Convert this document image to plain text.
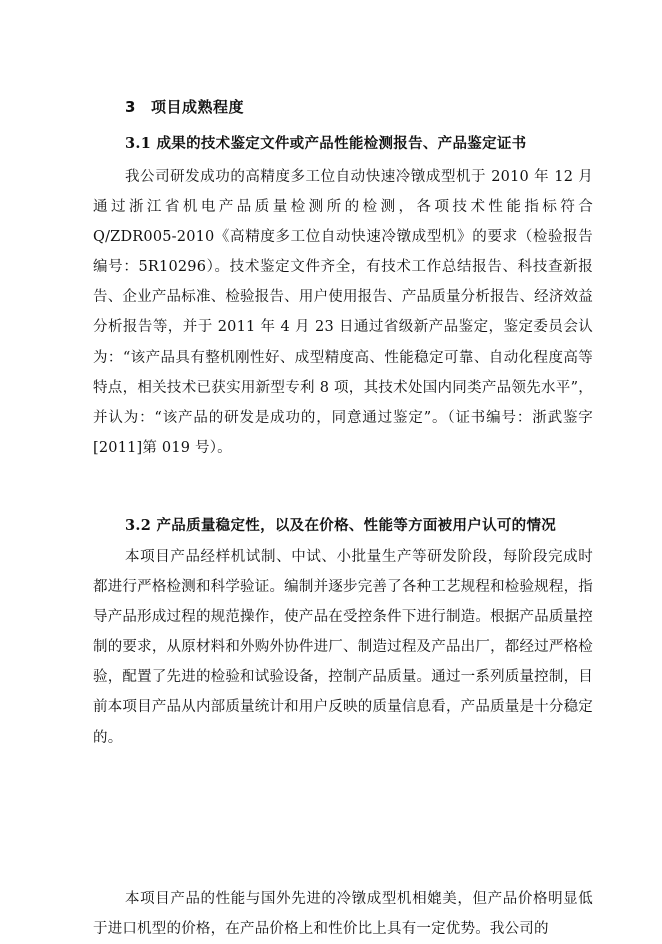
3 项目成熟程度
3.1 成果的技术鉴定文件或产品性能检测报告、产品鉴定证书
我公司研发成功的高精度多工位自动快速冷镦成型机于 2010 年 12 月通过浙江省机电产品质量检测所的检测，各项技术性能指标符合 Q/ZDR005-2010《高精度多工位自动快速冷镦成型机》的要求（检验报告编号：5R10296）。技术鉴定文件齐全，有技术工作总结报告、科技查新报告、企业产品标准、检验报告、用户使用报告、产品质量分析报告、经济效益分析报告等，并于 2011 年 4 月 23 日通过省级新产品鉴定，鉴定委员会认为：“该产品具有整机刚性好、成型精度高、性能稳定可靠、自动化程度高等特点，相关技术已获实用新型专利 8 项，其技术处国内同类产品领先水平”，并认为：“该产品的研发是成功的，同意通过鉴定”。（证书编号：浙武鉴字[2011]第 019 号）。
3.2 产品质量稳定性，以及在价格、性能等方面被用户认可的情况
本项目产品经样机试制、中试、小批量生产等研发阶段，每阶段完成时都进行严格检测和科学验证。编制并逐步完善了各种工艺规程和检验规程，指导产品形成过程的规范操作，使产品在受控条件下进行制造。根据产品质量控制的要求，从原材料和外购外协件进厂、制造过程及产品出厂，都经过严格检验，配置了先进的检验和试验设备，控制产品质量。通过一系列质量控制，目前本项目产品从内部质量统计和用户反映的质量信息看，产品质量是十分稳定的。
本项目产品的性能与国外先进的冷镦成型机相媲美，但产品价格明显低于进口机型的价格，在产品价格上和性价比上具有一定优势。我公司的
